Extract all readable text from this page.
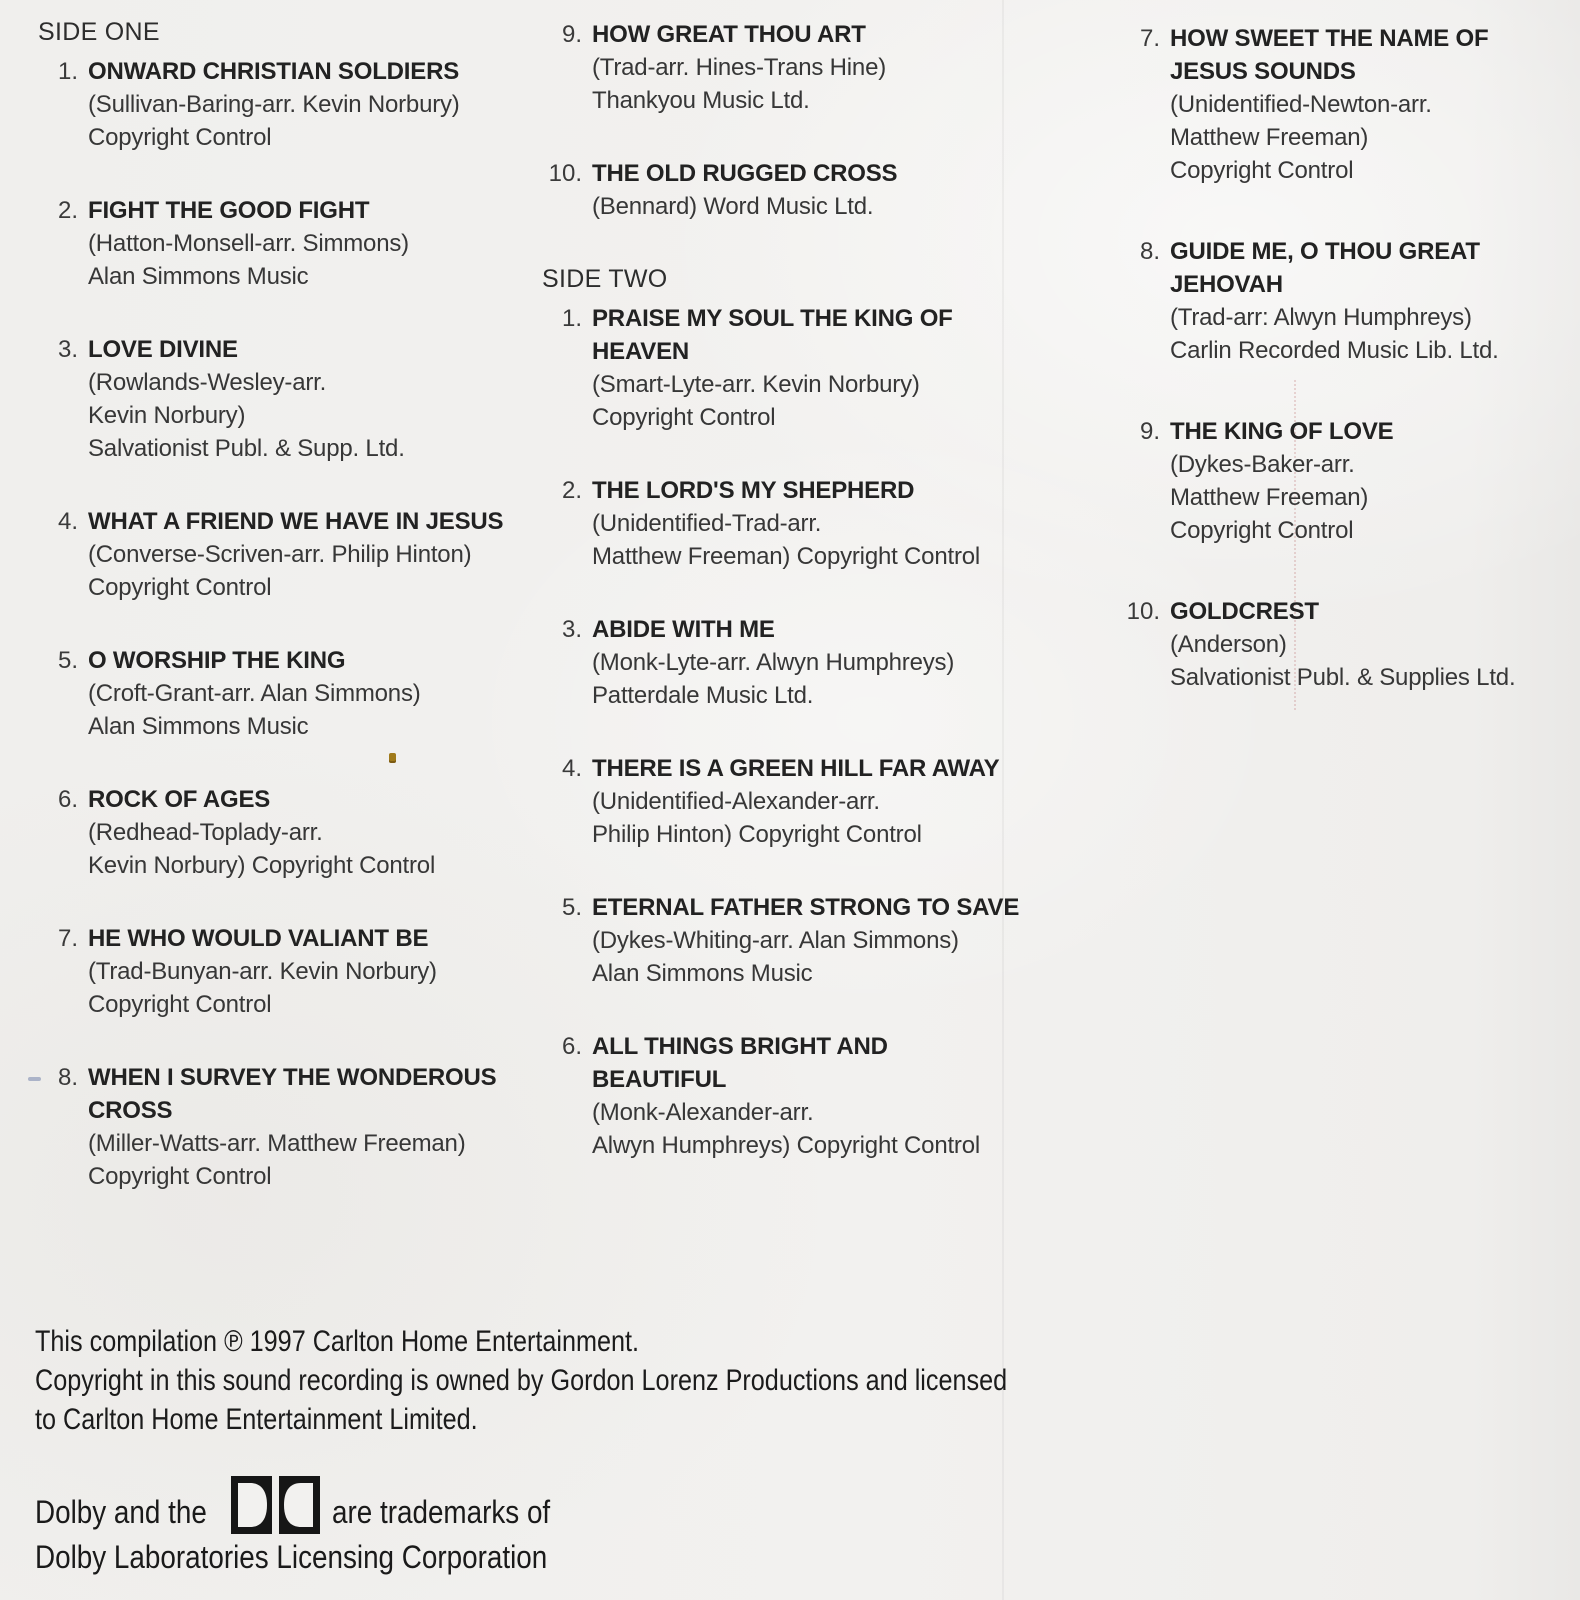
SIDE ONE
1. ONWARD CHRISTIAN SOLDIERS
(Sullivan-Baring-arr. Kevin Norbury)
Copyright Control
2. FIGHT THE GOOD FIGHT
(Hatton-Monsell-arr. Simmons)
Alan Simmons Music
3. LOVE DIVINE
(Rowlands-Wesley-arr.
Kevin Norbury)
Salvationist Publ. & Supp. Ltd.
4. WHAT A FRIEND WE HAVE IN JESUS
(Converse-Scriven-arr. Philip Hinton)
Copyright Control
5. O WORSHIP THE KING
(Croft-Grant-arr. Alan Simmons)
Alan Simmons Music
6. ROCK OF AGES
(Redhead-Toplady-arr.
Kevin Norbury) Copyright Control
7. HE WHO WOULD VALIANT BE
(Trad-Bunyan-arr. Kevin Norbury)
Copyright Control
8. WHEN I SURVEY THE WONDEROUS
CROSS
(Miller-Watts-arr. Matthew Freeman)
Copyright Control
9. HOW GREAT THOU ART
(Trad-arr. Hines-Trans Hine)
Thankyou Music Ltd.
10. THE OLD RUGGED CROSS
(Bennard) Word Music Ltd.
SIDE TWO
1. PRAISE MY SOUL THE KING OF
HEAVEN
(Smart-Lyte-arr. Kevin Norbury)
Copyright Control
2. THE LORD'S MY SHEPHERD
(Unidentified-Trad-arr.
Matthew Freeman) Copyright Control
3. ABIDE WITH ME
(Monk-Lyte-arr. Alwyn Humphreys)
Patterdale Music Ltd.
4. THERE IS A GREEN HILL FAR AWAY
(Unidentified-Alexander-arr.
Philip Hinton) Copyright Control
5. ETERNAL FATHER STRONG TO SAVE
(Dykes-Whiting-arr. Alan Simmons)
Alan Simmons Music
6. ALL THINGS BRIGHT AND
BEAUTIFUL
(Monk-Alexander-arr.
Alwyn Humphreys) Copyright Control
7. HOW SWEET THE NAME OF
JESUS SOUNDS
(Unidentified-Newton-arr.
Matthew Freeman)
Copyright Control
8. GUIDE ME, O THOU GREAT
JEHOVAH
(Trad-arr: Alwyn Humphreys)
Carlin Recorded Music Lib. Ltd.
9. THE KING OF LOVE
(Dykes-Baker-arr.
Matthew Freeman)
Copyright Control
10. GOLDCREST
(Anderson)
Salvationist Publ. & Supplies Ltd.
This compilation ℗ 1997 Carlton Home Entertainment.
Copyright in this sound recording is owned by Gordon Lorenz Productions and licensed
to Carlton Home Entertainment Limited.
Dolby and the	are trademarks of
Dolby Laboratories Licensing Corporation
